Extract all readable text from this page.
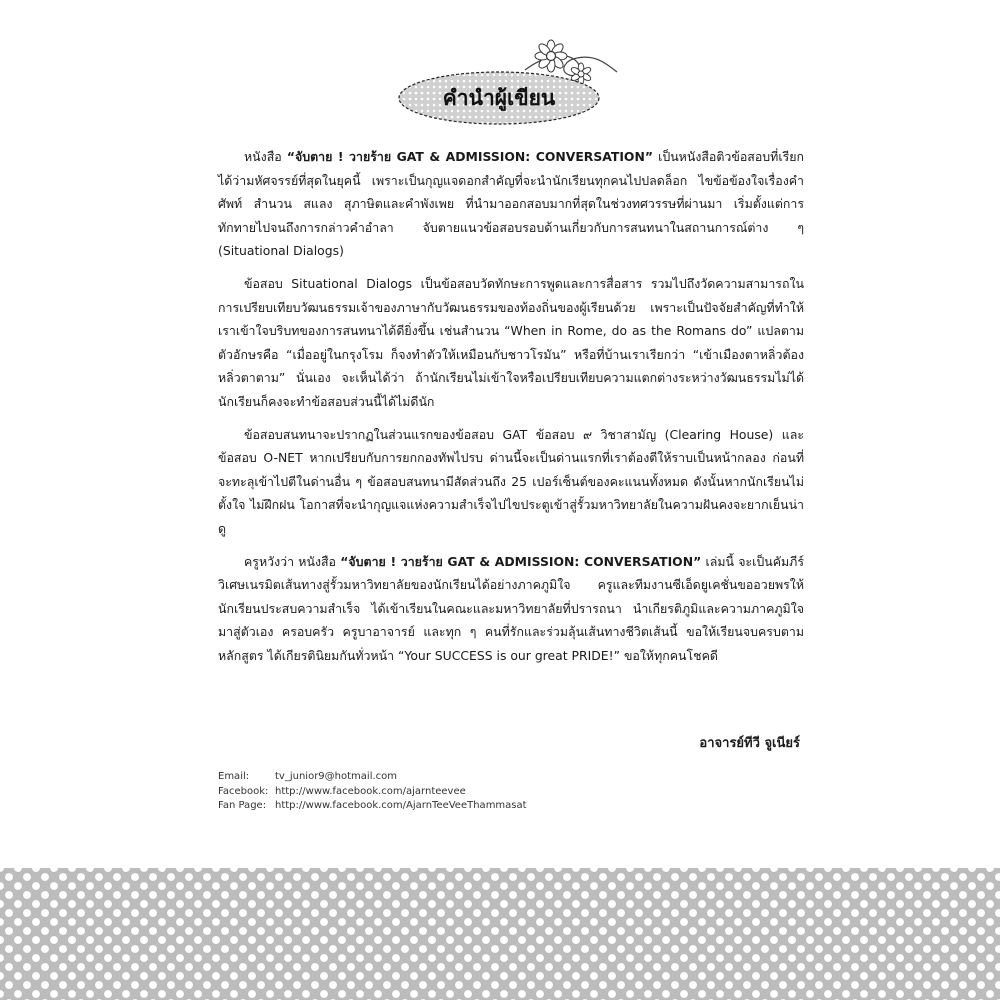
คำนำผู้เขียน

หนังสือ “จับตาย ! วายร้าย GAT & ADMISSION: CONVERSATION” เป็นหนังสือติวข้อสอบที่เรียกได้ว่ามหัศจรรย์ที่สุดในยุคนี้ เพราะเป็นกุญแจดอกสำคัญที่จะนำนักเรียนทุกคนไปปลดล็อก ไขข้อข้องใจเรื่องคำศัพท์ สำนวน สแลง สุภาษิตและคำพังเพย ที่นำมาออกสอบมากที่สุดในช่วงทศวรรษที่ผ่านมา เริ่มตั้งแต่การทักทายไปจนถึงการกล่าวคำอำลา จับตายแนวข้อสอบรอบด้านเกี่ยวกับการสนทนาในสถานการณ์ต่าง ๆ (Situational Dialogs)

ข้อสอบ Situational Dialogs เป็นข้อสอบวัดทักษะการพูดและการสื่อสาร รวมไปถึงวัดความสามารถในการเปรียบเทียบวัฒนธรรมเจ้าของภาษากับวัฒนธรรมของท้องถิ่นของผู้เรียนด้วย เพราะเป็นปัจจัยสำคัญที่ทำให้เราเข้าใจบริบทของการสนทนาได้ดียิ่งขึ้น เช่นสำนวน “When in Rome, do as the Romans do” แปลตามตัวอักษรคือ “เมื่ออยู่ในกรุงโรม ก็จงทำตัวให้เหมือนกับชาวโรมัน” หรือที่บ้านเราเรียกว่า “เข้าเมืองตาหลิ่วต้องหลิ่วตาตาม” นั่นเอง จะเห็นได้ว่า ถ้านักเรียนไม่เข้าใจหรือเปรียบเทียบความแตกต่างระหว่างวัฒนธรรมไม่ได้ นักเรียนก็คงจะทำข้อสอบส่วนนี้ได้ไม่ดีนัก

ข้อสอบสนทนาจะปรากฏในส่วนแรกของข้อสอบ GAT ข้อสอบ ๙ วิชาสามัญ (Clearing House) และข้อสอบ O-NET หากเปรียบกับการยกกองทัพไปรบ ด่านนี้จะเป็นด่านแรกที่เราต้องตีให้ราบเป็นหน้ากลอง ก่อนที่จะทะลุเข้าไปตีในด่านอื่น ๆ ข้อสอบสนทนามีสัดส่วนถึง 25 เปอร์เซ็นต์ของคะแนนทั้งหมด ดังนั้นหากนักเรียนไม่ตั้งใจ ไม่ฝึกฝน โอกาสที่จะนำกุญแจแห่งความสำเร็จไปไขประตูเข้าสู่รั้วมหาวิทยาลัยในความฝันคงจะยากเย็นน่าดู

ครูหวังว่า หนังสือ “จับตาย ! วายร้าย GAT & ADMISSION: CONVERSATION” เล่มนี้ จะเป็นคัมภีร์วิเศษเนรมิตเส้นทางสู่รั้วมหาวิทยาลัยของนักเรียนได้อย่างภาคภูมิใจ ครูและทีมงานซีเอ็ดยูเคชั่นขออวยพรให้นักเรียนประสบความสำเร็จ ได้เข้าเรียนในคณะและมหาวิทยาลัยที่ปรารถนา นำเกียรติภูมิและความภาคภูมิใจมาสู่ตัวเอง ครอบครัว ครูบาอาจารย์ และทุก ๆ คนที่รักและร่วมลุ้นเส้นทางชีวิตเส้นนี้ ขอให้เรียนจบครบตามหลักสูตร ได้เกียรตินิยมกันทั่วหน้า “Your SUCCESS is our great PRIDE!” ขอให้ทุกคนโชคดี

อาจารย์ทีวี จูเนียร์
Email:	tv_junior9@hotmail.com
Facebook: http://www.facebook.com/ajarnteevee
Fan Page: http://www.facebook.com/AjarnTeeVeeThammasat
